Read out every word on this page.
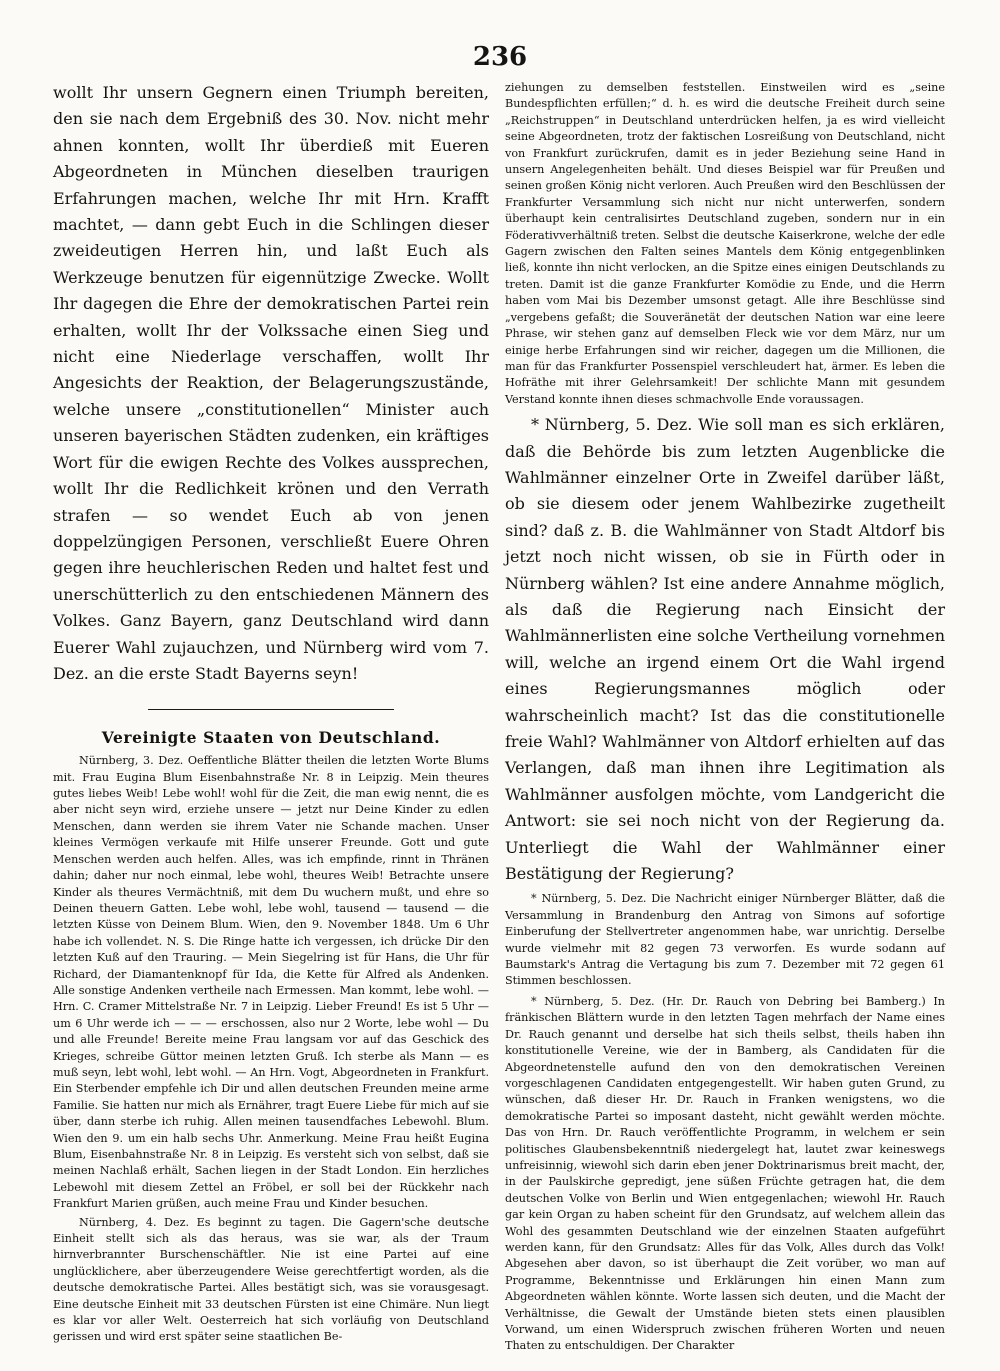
236

wollt Ihr unsern Gegnern einen Triumph bereiten, den sie nach dem Ergebniß des 30. Nov. nicht mehr ahnen konnten, wollt Ihr überdieß mit Eueren Abgeordneten in München dieselben traurigen Erfahrungen machen, welche Ihr mit Hrn. Krafft machtet, — dann gebt Euch in die Schlingen dieser zweideutigen Herren hin, und laßt Euch als Werkzeuge benutzen für eigennützige Zwecke. Wollt Ihr dagegen die Ehre der demokratischen Partei rein erhalten, wollt Ihr der Volkssache einen Sieg und nicht eine Niederlage verschaffen, wollt Ihr Angesichts der Reaktion, der Belagerungszustände, welche unsere „constitutionellen“ Minister auch unseren bayerischen Städten zudenken, ein kräftiges Wort für die ewigen Rechte des Volkes aussprechen, wollt Ihr die Redlichkeit krönen und den Verrath strafen — so wendet Euch ab von jenen doppelzüngigen Personen, verschließt Euere Ohren gegen ihre heuchlerischen Reden und haltet fest und unerschütterlich zu den entschiedenen Männern des Volkes. Ganz Bayern, ganz Deutschland wird dann Euerer Wahl zujauchzen, und Nürnberg wird vom 7. Dez. an die erste Stadt Bayerns seyn!

Vereinigte Staaten von Deutschland.

Nürnberg, 3. Dez. Oeffentliche Blätter theilen die letzten Worte Blums mit. Frau Eugina Blum Eisenbahnstraße Nr. 8 in Leipzig. Mein theures gutes liebes Weib! Lebe wohl! wohl für die Zeit, die man ewig nennt, die es aber nicht seyn wird, erziehe unsere — jetzt nur Deine Kinder zu edlen Menschen, dann werden sie ihrem Vater nie Schande machen. Unser kleines Vermögen verkaufe mit Hilfe unserer Freunde. Gott und gute Menschen werden auch helfen. Alles, was ich empfinde, rinnt in Thränen dahin; daher nur noch einmal, lebe wohl, theures Weib! Betrachte unsere Kinder als theures Vermächtniß, mit dem Du wuchern mußt, und ehre so Deinen theuern Gatten. Lebe wohl, lebe wohl, tausend — tausend — die letzten Küsse von Deinem Blum. Wien, den 9. November 1848. Um 6 Uhr habe ich vollendet. N. S. Die Ringe hatte ich vergessen, ich drücke Dir den letzten Kuß auf den Trauring. — Mein Siegelring ist für Hans, die Uhr für Richard, der Diamantenknopf für Ida, die Kette für Alfred als Andenken. Alle sonstige Andenken vertheile nach Ermessen. Man kommt, lebe wohl. — Hrn. C. Cramer Mittelstraße Nr. 7 in Leipzig. Lieber Freund! Es ist 5 Uhr — um 6 Uhr werde ich — — — erschossen, also nur 2 Worte, lebe wohl — Du und alle Freunde! Bereite meine Frau langsam vor auf das Geschick des Krieges, schreibe Güttor meinen letzten Gruß. Ich sterbe als Mann — es muß seyn, lebt wohl, lebt wohl. — An Hrn. Vogt, Abgeordneten in Frankfurt. Ein Sterbender empfehle ich Dir und allen deutschen Freunden meine arme Familie. Sie hatten nur mich als Ernährer, tragt Euere Liebe für mich auf sie über, dann sterbe ich ruhig. Allen meinen tausendfaches Lebewohl. Blum. Wien den 9. um ein halb sechs Uhr. Anmerkung. Meine Frau heißt Eugina Blum, Eisenbahnstraße Nr. 8 in Leipzig. Es versteht sich von selbst, daß sie meinen Nachlaß erhält, Sachen liegen in der Stadt London. Ein herzliches Lebewohl mit diesem Zettel an Fröbel, er soll bei der Rückkehr nach Frankfurt Marien grüßen, auch meine Frau und Kinder besuchen.

Nürnberg, 4. Dez. Es beginnt zu tagen. Die Gagern'sche deutsche Einheit stellt sich als das heraus, was sie war, als der Traum hirnverbrannter Burschenschäftler. Nie ist eine Partei auf eine unglücklichere, aber überzeugendere Weise gerechtfertigt worden, als die deutsche demokratische Partei. Alles bestätigt sich, was sie vorausgesagt. Eine deutsche Einheit mit 33 deutschen Fürsten ist eine Chimäre. Nun liegt es klar vor aller Welt. Oesterreich hat sich vorläufig von Deutschland gerissen und wird erst später seine staatlichen Be-

ziehungen zu demselben feststellen. Einstweilen wird es „seine Bundespflichten erfüllen;“ d. h. es wird die deutsche Freiheit durch seine „Reichstruppen“ in Deutschland unterdrücken helfen, ja es wird vielleicht seine Abgeordneten, trotz der faktischen Losreißung von Deutschland, nicht von Frankfurt zurückrufen, damit es in jeder Beziehung seine Hand in unsern Angelegenheiten behält. Und dieses Beispiel war für Preußen und seinen großen König nicht verloren. Auch Preußen wird den Beschlüssen der Frankfurter Versammlung sich nicht nur nicht unterwerfen, sondern überhaupt kein centralisirtes Deutschland zugeben, sondern nur in ein Föderativverhältniß treten. Selbst die deutsche Kaiserkrone, welche der edle Gagern zwischen den Falten seines Mantels dem König entgegenblinken ließ, konnte ihn nicht verlocken, an die Spitze eines einigen Deutschlands zu treten. Damit ist die ganze Frankfurter Komödie zu Ende, und die Herrn haben vom Mai bis Dezember umsonst getagt. Alle ihre Beschlüsse sind „vergebens gefaßt; die Souveränetät der deutschen Nation war eine leere Phrase, wir stehen ganz auf demselben Fleck wie vor dem März, nur um einige herbe Erfahrungen sind wir reicher, dagegen um die Millionen, die man für das Frankfurter Possenspiel verschleudert hat, ärmer. Es leben die Hofräthe mit ihrer Gelehrsamkeit! Der schlichte Mann mit gesundem Verstand konnte ihnen dieses schmachvolle Ende voraussagen.

* Nürnberg, 5. Dez. Wie soll man es sich erklären, daß die Behörde bis zum letzten Augenblicke die Wahlmänner einzelner Orte in Zweifel darüber läßt, ob sie diesem oder jenem Wahlbezirke zugetheilt sind? daß z. B. die Wahlmänner von Stadt Altdorf bis jetzt noch nicht wissen, ob sie in Fürth oder in Nürnberg wählen? Ist eine andere Annahme möglich, als daß die Regierung nach Einsicht der Wahlmännerlisten eine solche Vertheilung vornehmen will, welche an irgend einem Ort die Wahl irgend eines Regierungsmannes möglich oder wahrscheinlich macht? Ist das die constitutionelle freie Wahl? Wahlmänner von Altdorf erhielten auf das Verlangen, daß man ihnen ihre Legitimation als Wahlmänner ausfolgen möchte, vom Landgericht die Antwort: sie sei noch nicht von der Regierung da. Unterliegt die Wahl der Wahlmänner einer Bestätigung der Regierung?

* Nürnberg, 5. Dez. Die Nachricht einiger Nürnberger Blätter, daß die Versammlung in Brandenburg den Antrag von Simons auf sofortige Einberufung der Stellvertreter angenommen habe, war unrichtig. Derselbe wurde vielmehr mit 82 gegen 73 verworfen. Es wurde sodann auf Baumstark's Antrag die Vertagung bis zum 7. Dezember mit 72 gegen 61 Stimmen beschlossen.

* Nürnberg, 5. Dez. (Hr. Dr. Rauch von Debring bei Bamberg.) In fränkischen Blättern wurde in den letzten Tagen mehrfach der Name eines Dr. Rauch genannt und derselbe hat sich theils selbst, theils haben ihn konstitutionelle Vereine, wie der in Bamberg, als Candidaten für die Abgeordnetenstelle aufund den von den demokratischen Vereinen vorgeschlagenen Candidaten entgegengestellt. Wir haben guten Grund, zu wünschen, daß dieser Hr. Dr. Rauch in Franken wenigstens, wo die demokratische Partei so imposant dasteht, nicht gewählt werden möchte. Das von Hrn. Dr. Rauch veröffentlichte Programm, in welchem er sein politisches Glaubensbekenntniß niedergelegt hat, lautet zwar keineswegs unfreisinnig, wiewohl sich darin eben jener Doktrinarismus breit macht, der, in der Paulskirche gepredigt, jene süßen Früchte getragen hat, die dem deutschen Volke von Berlin und Wien entgegenlachen; wiewohl Hr. Rauch gar kein Organ zu haben scheint für den Grundsatz, auf welchem allein das Wohl des gesammten Deutschland wie der einzelnen Staaten aufgeführt werden kann, für den Grundsatz: Alles für das Volk, Alles durch das Volk! Abgesehen aber davon, so ist überhaupt die Zeit vorüber, wo man auf Programme, Bekenntnisse und Erklärungen hin einen Mann zum Abgeordneten wählen könnte. Worte lassen sich deuten, und die Macht der Verhältnisse, die Gewalt der Umstände bieten stets einen plausiblen Vorwand, um einen Widerspruch zwischen früheren Worten und neuen Thaten zu entschuldigen. Der Charakter
